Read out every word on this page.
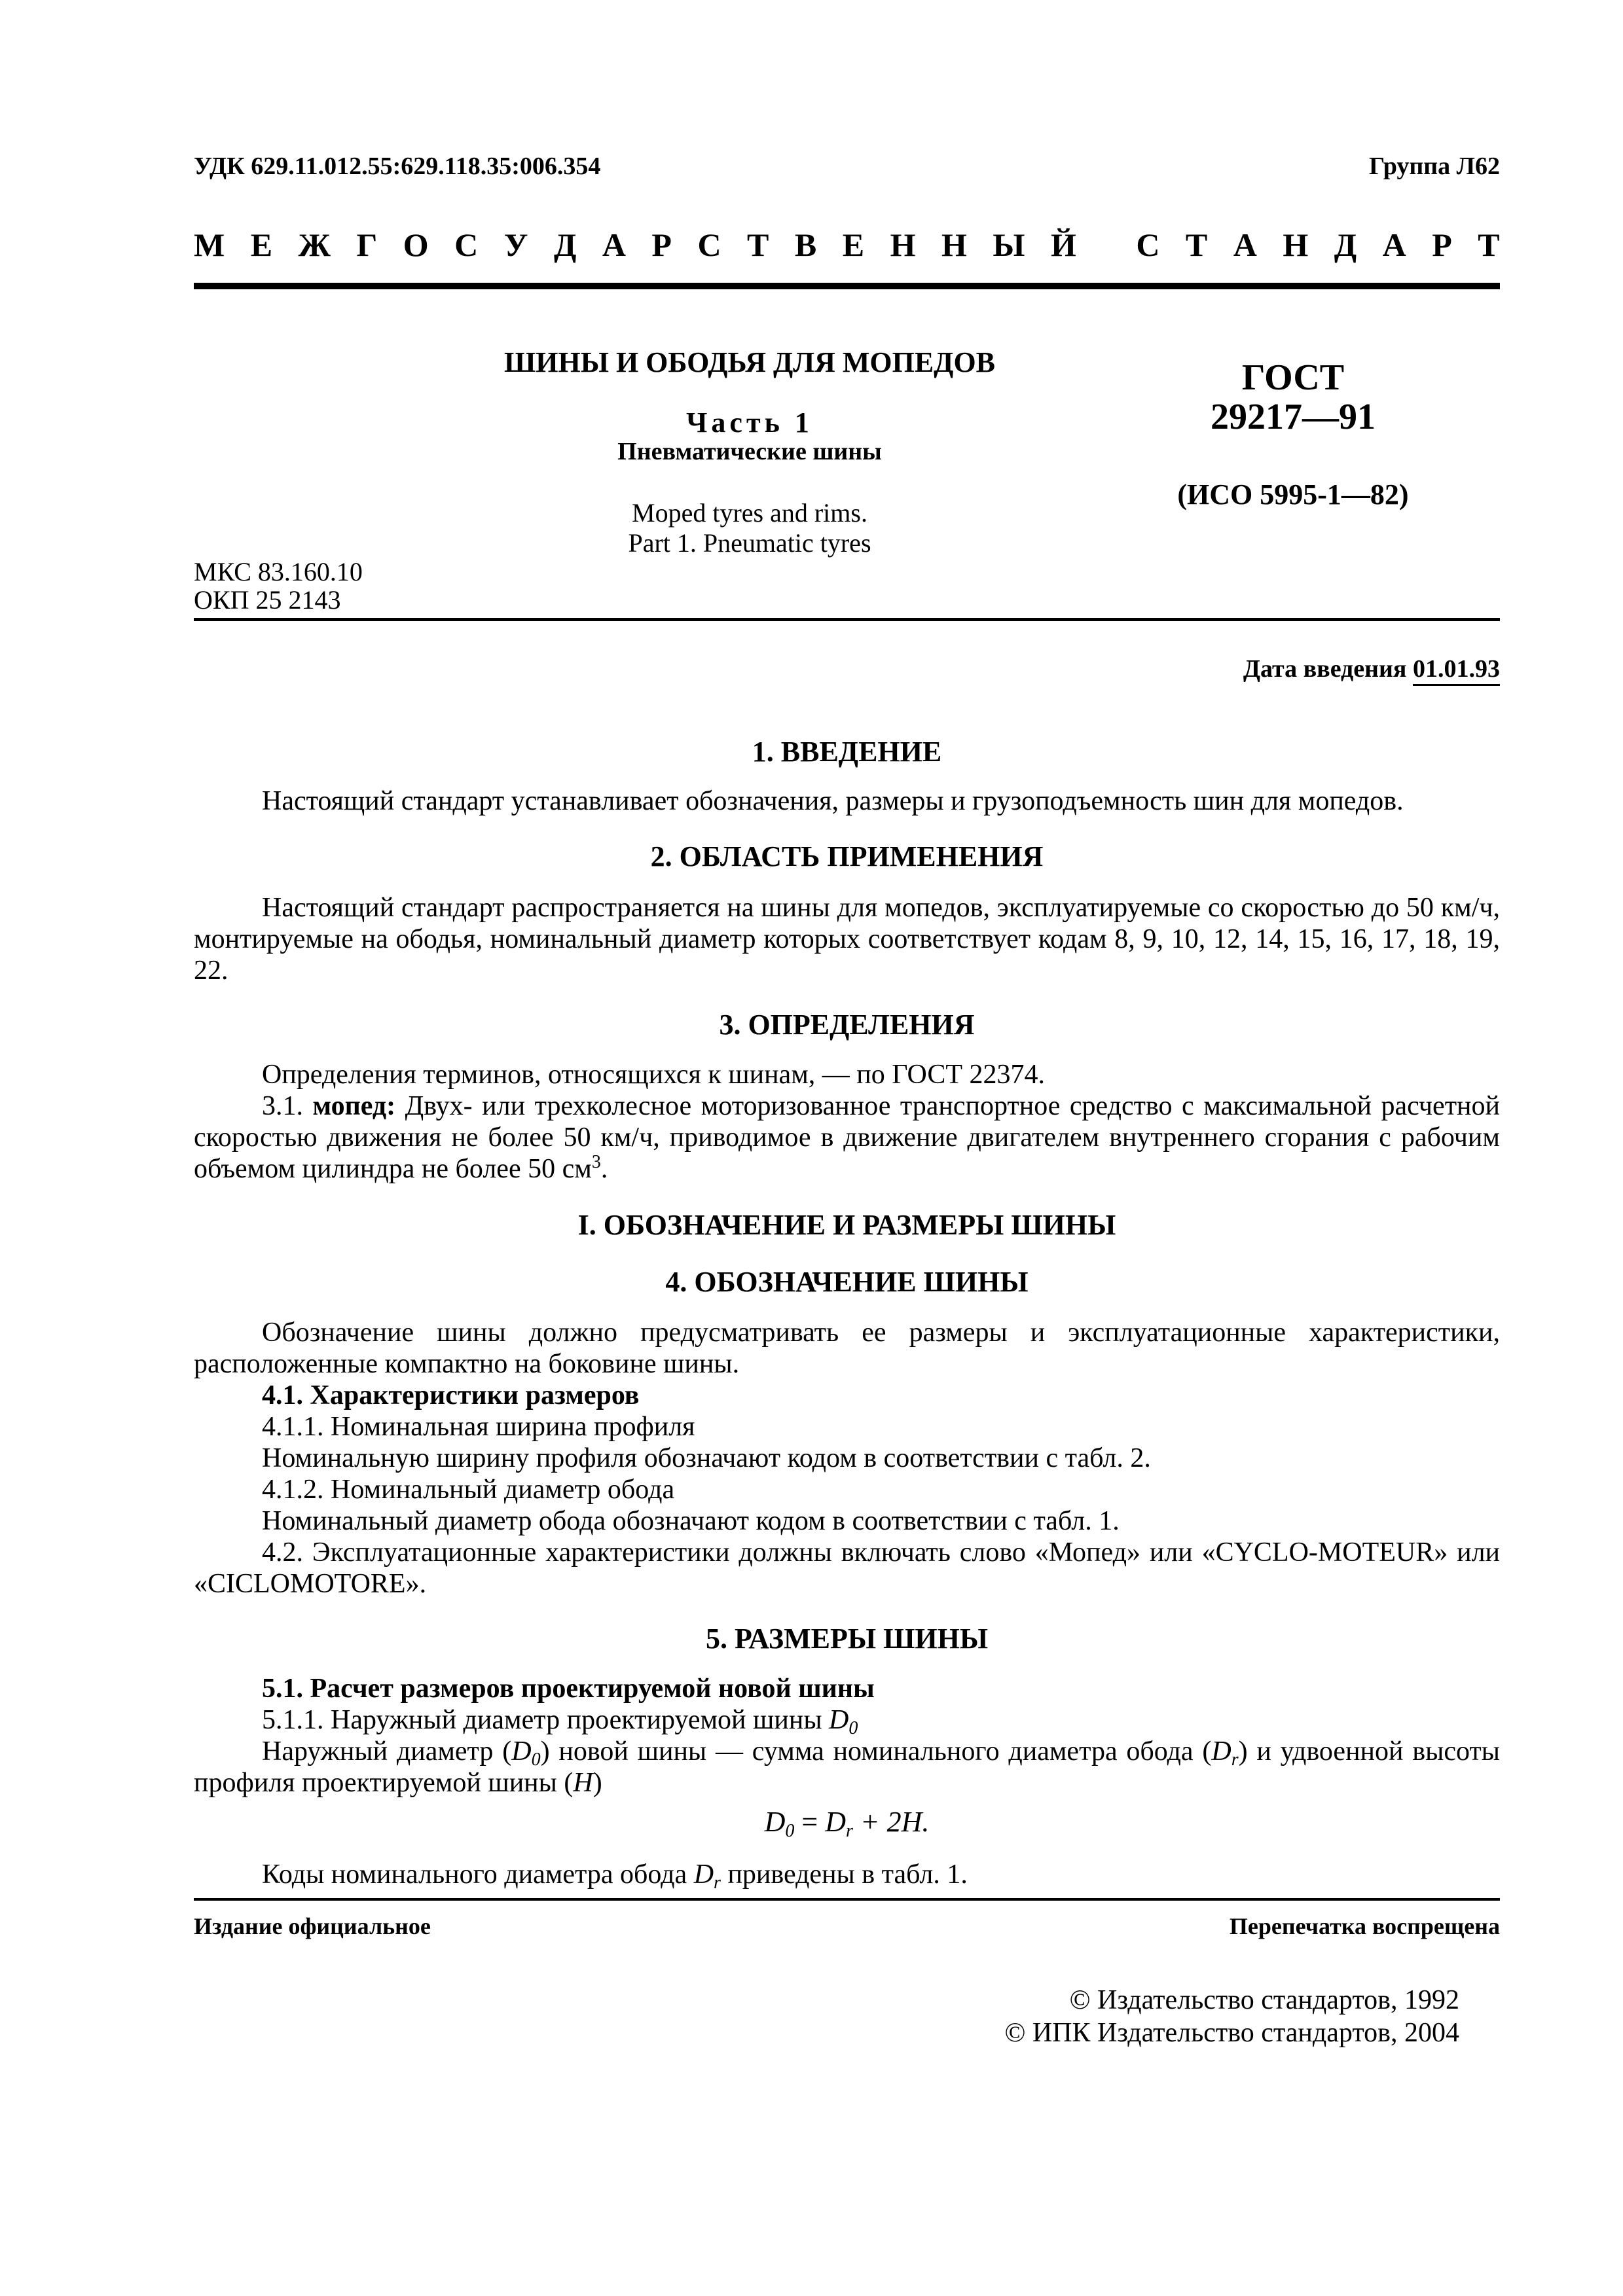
УДК 629.11.012.55:629.118.35:006.354	Группа Л62
М Е Ж Г О С У Д А Р С Т В Е Н Н Ы Й
С Т А Н Д А Р Т
ШИНЫ И ОБОДЬЯ ДЛЯ МОПЕДОВ
Часть 1
Пневматические шины
Moped tyres and rims.
Part 1. Pneumatic tyres
ГОСТ
29217—91
(ИСО 5995-1—82)
МКС 83.160.10
ОКП 25 2143
Дата введения 01.01.93
1. ВВЕДЕНИЕ
Настоящий стандарт устанавливает обозначения, размеры и грузоподъемность шин для мопедов.
2. ОБЛАСТЬ ПРИМЕНЕНИЯ
Настоящий стандарт распространяется на шины для мопедов, эксплуатируемые со скоростью до 50 км/ч, монтируемые на ободья, номинальный диаметр которых соответствует кодам 8, 9, 10, 12, 14, 15, 16, 17, 18, 19, 22.
3. ОПРЕДЕЛЕНИЯ
Определения терминов, относящихся к шинам, — по ГОСТ 22374.
3.1. мопед: Двух- или трехколесное моторизованное транспортное средство с максимальной расчетной скоростью движения не более 50 км/ч, приводимое в движение двигателем внутреннего сгорания с рабочим объемом цилиндра не более 50 $см^3$.
I. ОБОЗНАЧЕНИЕ И РАЗМЕРЫ ШИНЫ
4. ОБОЗНАЧЕНИЕ ШИНЫ
Обозначение шины должно предусматривать ее размеры и эксплуатационные характеристики, расположенные компактно на боковине шины.
4.1. Характеристики размеров
4.1.1. Номинальная ширина профиля
Номинальную ширину профиля обозначают кодом в соответствии с табл. 2.
4.1.2. Номинальный диаметр обода
Номинальный диаметр обода обозначают кодом в соответствии с табл. 1.
4.2. Эксплуатационные характеристики должны включать слово «Мопед» или «CYCLO-MOTEUR» или «CICLOMOTORE».
5. РАЗМЕРЫ ШИНЫ
5.1. Расчет размеров проектируемой новой шины
5.1.1. Наружный диаметр проектируемой шины $D_0$
Наружный диаметр $(D_0)$ новой шины — сумма номинального диаметра обода $(D_r)$ и удвоенной высоты профиля проектируемой шины (H)
$D_0 = D_r + 2H$.
Коды номинального диаметра обода $D_r$ приведены в табл. 1.
Издание официальное	Перепечатка воспрещена
© Издательство стандартов, 1992
© ИПК Издательство стандартов, 2004
